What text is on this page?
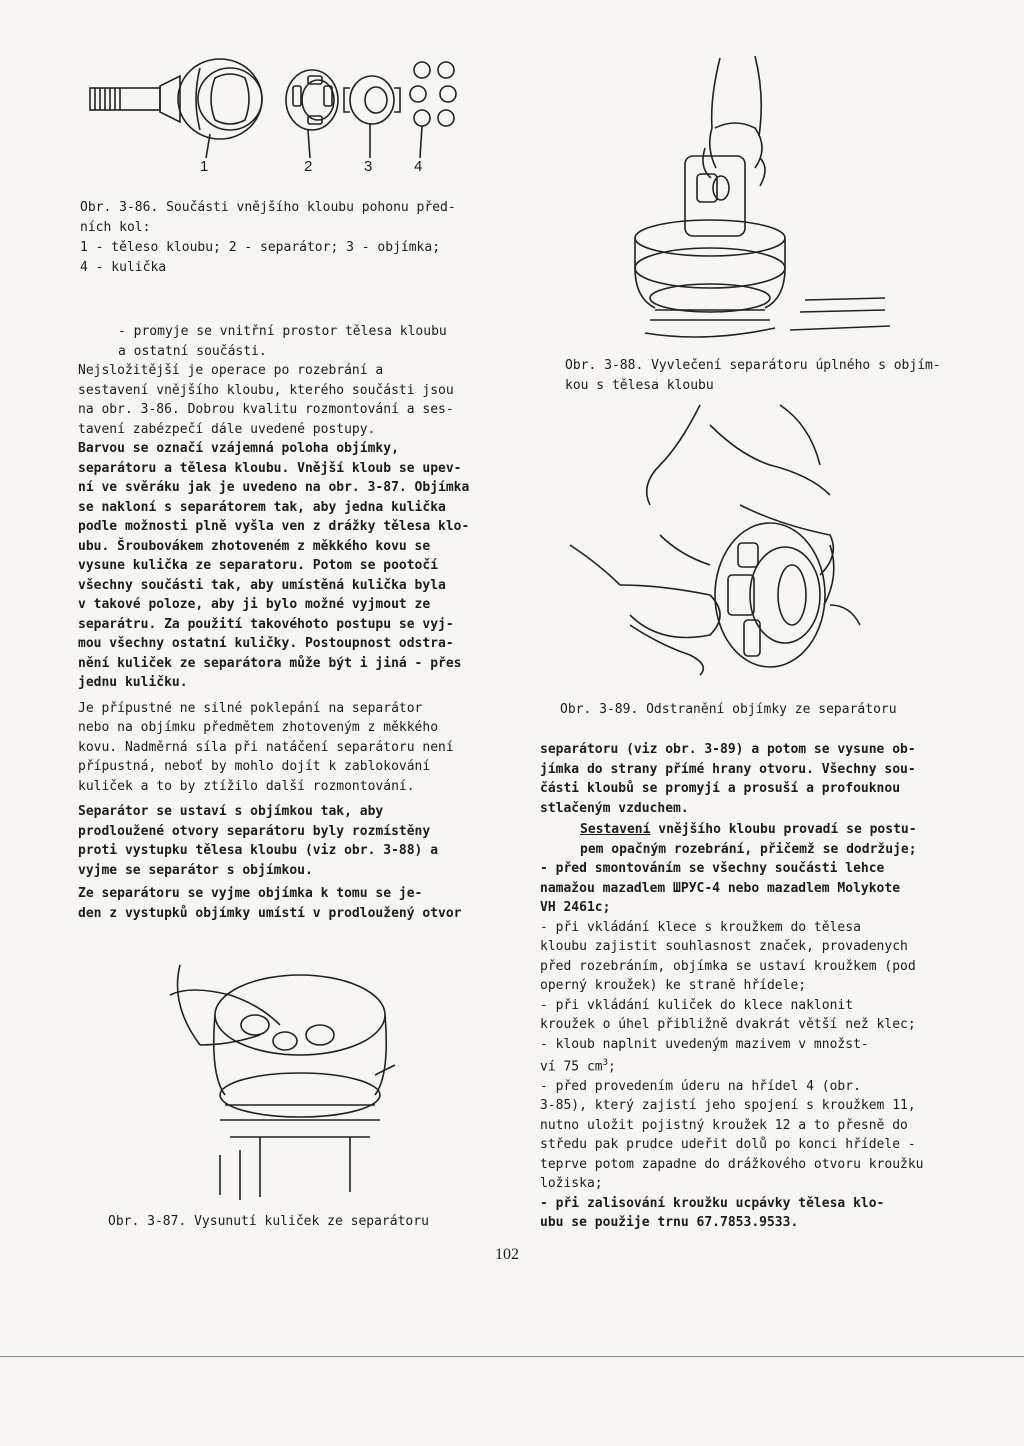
1	2	3	4
Obr. 3-86. Součásti vnějšího kloubu pohonu před-
ních kol:
1 - těleso kloubu; 2 - separátor; 3 - objímka;
4 - kulička
Obr. 3-88. Vyvlečení separátoru úplného s objím-
kou s tělesa kloubu
Obr. 3-89. Odstranění objímky ze separátoru

- promyje se vnitřní prostor tělesa kloubu
a ostatní součásti.

Nejsložitější je operace po rozebrání a
sestavení vnějšího kloubu, kterého součásti jsou
na obr. 3-86. Dobrou kvalitu rozmontování a ses-
tavení zabézpečí dále uvedené postupy.

Barvou se označí vzájemná poloha objímky,
separátoru a tělesa kloubu. Vnější kloub se upev-
ní ve svěráku jak je uvedeno na obr. 3-87. Objímka
se nakloní s separátorem tak, aby jedna kulička
podle možnosti plně vyšla ven z drážky tělesa klo-
ubu. Šroubovákem zhotoveném z měkkého kovu se
vysune kulička ze separatoru. Potom se pootočí
všechny součásti tak, aby umístěná kulička byla
v takové poloze, aby ji bylo možné vyjmout ze
separátru. Za použití takovéhoto postupu se vyj-
mou všechny ostatní kuličky. Postoupnost odstra-
nění kuliček ze separátora může být i jiná - přes
jednu kuličku.

Je přípustné ne silné poklepání na separátor
nebo na objímku předmětem zhotoveným z měkkého
kovu. Nadměrná síla při natáčení separátoru není
přípustná, neboť by mohlo dojít k zablokování
kuliček a to by ztížilo další rozmontování.

Separátor se ustaví s objímkou tak, aby
prodloužené otvory separátoru byly rozmístěny
proti vystupku tělesa kloubu (viz obr. 3-88) a
vyjme se separátor s objímkou.

Ze separátoru se vyjme objímka k tomu se je-
den z vystupků objímky umístí v prodloužený otvor

Obr. 3-87. Vysunutí kuliček ze separátoru

separátoru (viz obr. 3-89) a potom se vysune ob-
jímka do strany přímé hrany otvoru. Všechny sou-
části kloubů se promyjí a prosuší a profouknou
stlačeným vzduchem.

Sestavení vnějšího kloubu provadí se postu-
pem opačným rozebrání, přičemž se dodržuje;

- před smontováním se všechny součásti lehce
namažou mazadlem ШРУС-4 nebo mazadlem Molykote
VH 2461c;

- při vkládání klece s kroužkem do tělesa
kloubu zajistit souhlasnost značek, provadenych
před rozebráním, objímka se ustaví kroužkem (pod
operný kroužek) ke straně hřídele;

- při vkládání kuliček do klece naklonit
kroužek o úhel přibližně dvakrát větší než klec;

- kloub naplnit uvedeným mazivem v množst-
ví 75 $cm^3$;

- před provedením úderu na hřídel 4 (obr.
3-85), který zajistí jeho spojení s kroužkem 11,
nutno uložit pojistný kroužek 12 a to přesně do
středu pak prudce udeřit dolů po konci hřídele -
teprve potom zapadne do drážkového otvoru kroužku
ložiska;

- při zalisování kroužku ucpávky tělesa klo-
ubu se použije trnu 67.7853.9533.

102
